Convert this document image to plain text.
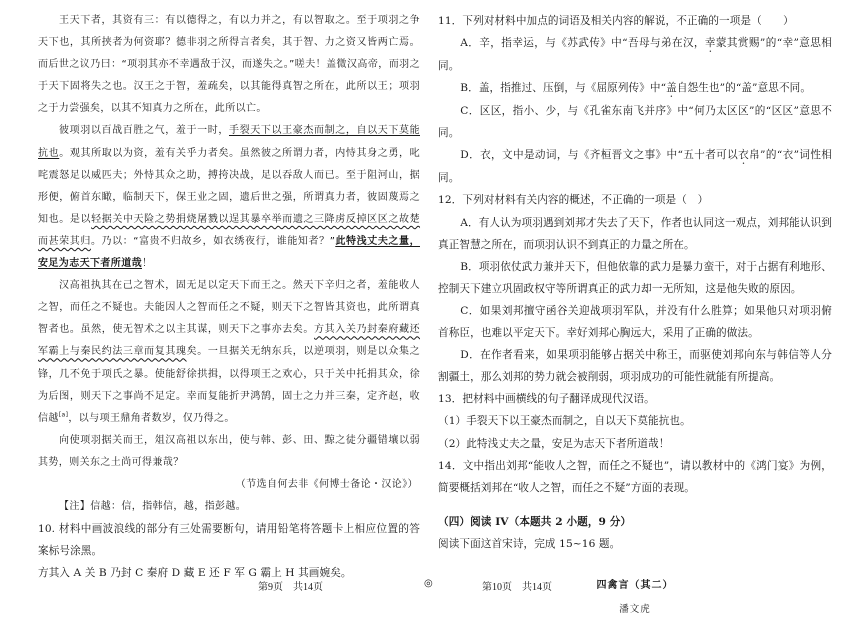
王天下者，其资有三：有以德得之，有以力并之，有以智取之。至于项羽之争天下也，其所挟者为何资耶？德非羽之所得言者矣，其于智、力之资又皆两亡焉。而后世之议乃曰：“项羽其亦不幸遇敌于汉，而遂失之。”嗟夫！盖微汉高帝，而羽之于天下固将失之也。汉王之于智，羞疏矣，以其能得真智之所在，此所以王；项羽之于力尝强矣，以其不知真力之所在，此所以亡。

彼项羽以百战百胜之气，羞于一时，手裂天下以王豪杰而制之，自以天下莫能抗也。观其所取以为资，羞有关乎力者矣。虽然彼之所谓力者，内恃其身之勇，叱咤震怒足以威匹夫；外恃其众之助，搏挎决战，足以吞敌人而已。至于阻河山，据形便，俯首东瞰，临制天下，保王业之固，遗后世之强，所谓真力者，彼固蔑焉之知也。是以轻据关中天险之势捐烧屠戮以逞其暴卒举而遗之三降虏反掉区区之故楚而甚荣其归。乃以：“富贵不归故乡，如衣绣夜行，谁能知者？”此特浅丈夫之量，安足为志天下者所道哉！

汉高祖执其在己之智术，固无足以定天下而王之。然天下辛归之者，羞能收人之智，而任之不疑也。夫能因人之智而任之不疑，则天下之智皆其资也，此所谓真智者也。虽然，使无智术之以主其谋，则天下之事亦去矣。方其入关乃封秦府藏还军霸上与秦民约法三章而复其瑰矣。一旦据关无纳东兵，以逆项羽，则是以众集之锋，几不免于项氏之暴。使能舒徐拱揖，以得项王之欢心，只于关中托捐其众，徐为后图，则天下之事尚不足定。幸而复能折尹鸿鹄，固士之力并三秦，定齐赵，收信越[a]，以与项王鼎角者数岁，仅乃得之。

向使项羽据关而王，俎汉高祖以东出，使与韩、彭、田、黥之徒分疆错壤以弱其势，则关东之土尚可得兼哉？

（节选自何去非《何博士备论・汉论》）

【注】信越：信，指韩信，越，指彭越。

10. 材料中画波浪线的部分有三处需要断句，请用铅笔将答题卡上相应位置的答案标号涂黑。

方其入 A 关 B 乃封 C 秦府 D 藏 E 还 F 军 G 霸上 H 其画婉矣。

11．下列对材料中加点的词语及相关内容的解说，不正确的一项是（　　）

A．辛，指幸运，与《苏武传》中“吾母与弟在汉，幸蒙其赏赐”的“幸”意思相同。

B．盖，指推过、压倒，与《屈原列传》中“盖自怨生也”的“盖”意思不同。

C．区区，指小、少，与《孔雀东南飞并序》中“何乃太区区”的“区区”意思不同。

D．衣，文中是动词，与《齐桓晋文之事》中“五十者可以衣帛”的“衣”词性相同。

12．下列对材料有关内容的概述，不正确的一项是（　）

A．有人认为项羽遇到刘邦才失去了天下，作者也认同这一观点，刘邦能认识到真正智慧之所在，而项羽认识不到真正的力量之所在。

B．项羽依仗武力兼并天下，但他依靠的武力是暴力蛮干，对于占据有利地形、控制天下建立巩固政权守等所谓真正的武力却一无所知，这是他失败的原因。

C．如果刘邦擅守函谷关迎战项羽军队，并没有什么胜算；如果他只对项羽俯首称臣，也难以平定天下。幸好刘邦心胸远大，采用了正确的做法。

D．在作者看来，如果项羽能够占据关中称王，而驱使刘邦向东与韩信等人分割疆土，那么刘邦的势力就会被削弱，项羽成功的可能性就能有所提高。

13．把材料中画横线的句子翻译成现代汉语。

（1）手裂天下以王豪杰而制之，自以天下莫能抗也。

（2）此特浅丈夫之量，安足为志天下者所道哉！

14．文中指出刘邦“能收人之智，而任之不疑也”，请以教材中的《鸿门宴》为例，简要概括刘邦在“收人之智，而任之不疑”方面的表现。

（四）阅读 IV（本题共 2 小题，9 分）

阅读下面这首宋诗，完成 15~16 题。

四禽言（其二）

潘文虎

第9页　共14页	◎	第10页　共14页
